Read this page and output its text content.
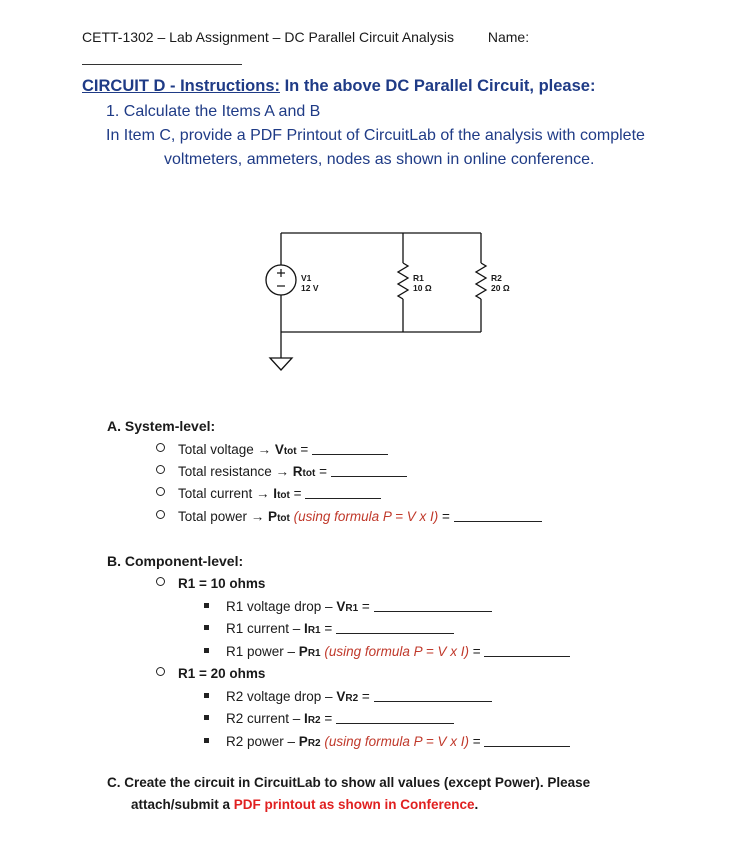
CETT-1302 – Lab Assignment – DC Parallel Circuit Analysis Name:
CIRCUIT D - Instructions: In the above DC Parallel Circuit, please:
1. Calculate the Items A and B
In Item C, provide a PDF Printout of CircuitLab of the analysis with complete
voltmeters, ammeters, nodes as shown in online conference.
V1
12 V
R1
10 Ω
R2
20 Ω
A. System-level:
Total voltage → Vtot =
Total resistance → Rtot =
Total current → Itot =
Total power → Ptot (using formula P = V x I) =
B. Component-level:
R1 = 10 ohms
R1 voltage drop – VR1 =
R1 current – IR1 =
R1 power – PR1 (using formula P = V x I) =
R1 = 20 ohms
R2 voltage drop – VR2 =
R2 current – IR2 =
R2 power – PR2 (using formula P = V x I) =
C. Create the circuit in CircuitLab to show all values (except Power). Please
attach/submit a PDF printout as shown in Conference.
